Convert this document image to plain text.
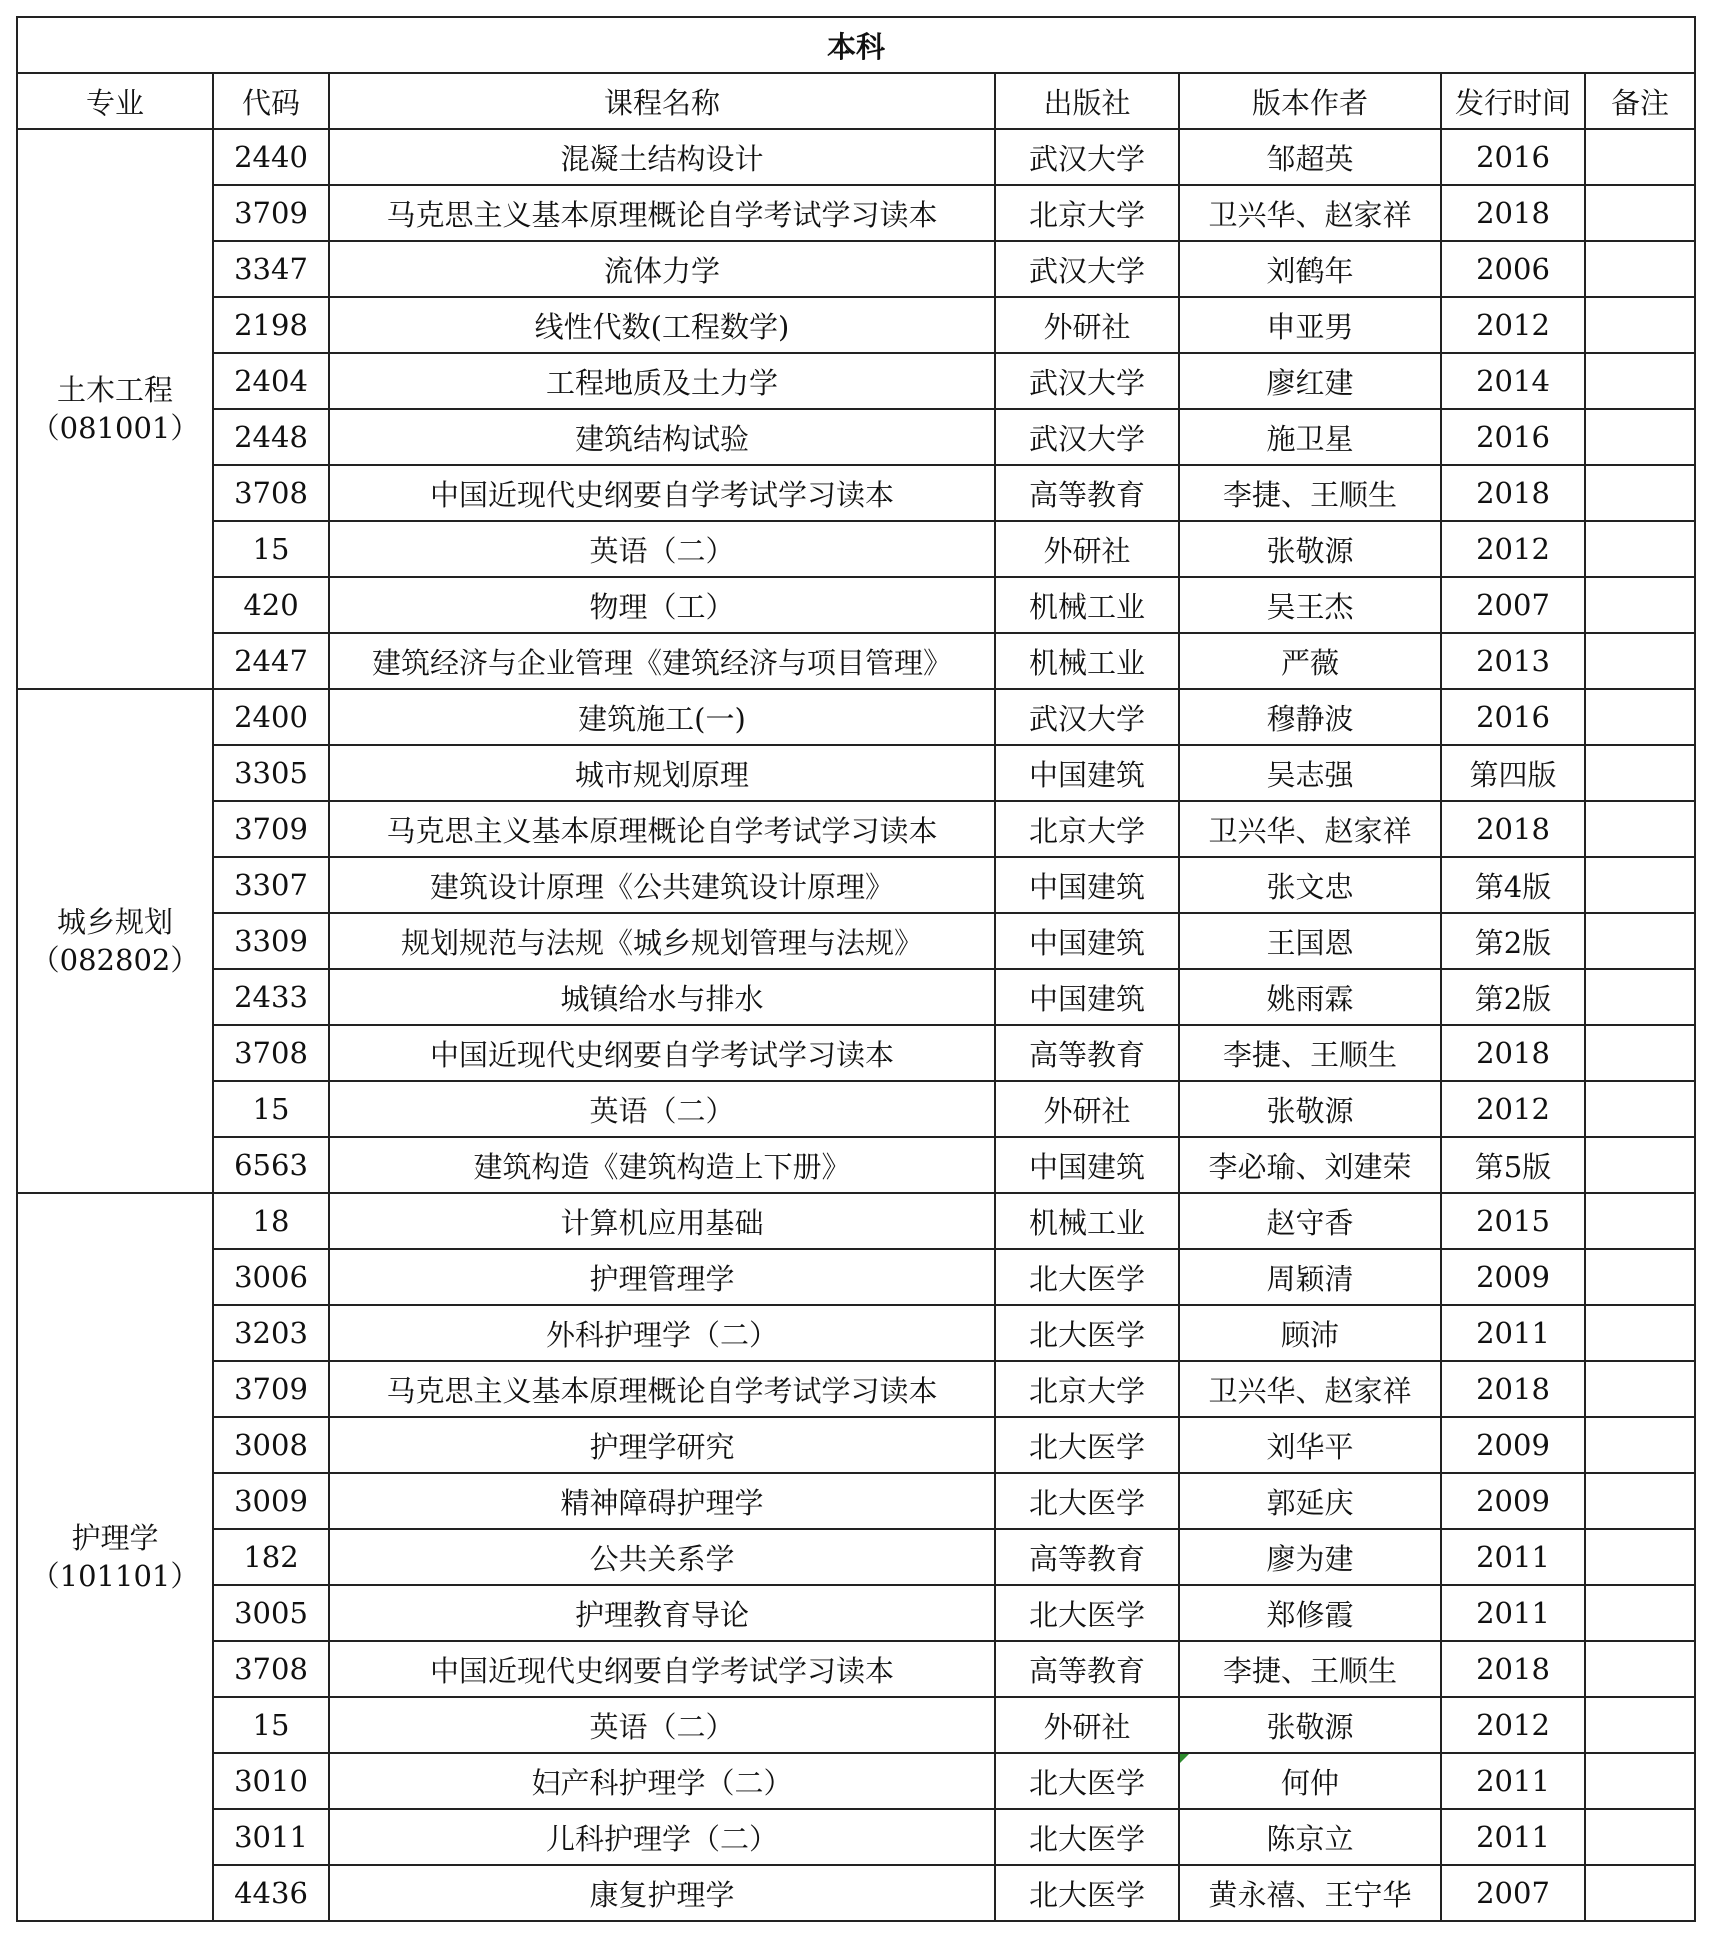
本科						
专业	代码	课程名称	出版社	版本作者	发行时间	备注

土木工程
（081001）	2440	混凝土结构设计	武汉大学	邹超英	2016	
	3709	马克思主义基本原理概论自学考试学习读本	北京大学	卫兴华、赵家祥	2018	
	3347	流体力学	武汉大学	刘鹤年	2006	
	2198	线性代数(工程数学)	外研社	申亚男	2012	
	2404	工程地质及土力学	武汉大学	廖红建	2014	
	2448	建筑结构试验	武汉大学	施卫星	2016	
	3708	中国近现代史纲要自学考试学习读本	高等教育	李捷、王顺生	2018	
	15	英语（二）	外研社	张敬源	2012	
	420	物理（工）	机械工业	吴王杰	2007	
	2447	建筑经济与企业管理《建筑经济与项目管理》	机械工业	严薇	2013	

城乡规划
（082802）	2400	建筑施工(一)	武汉大学	穆静波	2016	
	3305	城市规划原理	中国建筑	吴志强	第四版	
	3709	马克思主义基本原理概论自学考试学习读本	北京大学	卫兴华、赵家祥	2018	
	3307	建筑设计原理《公共建筑设计原理》	中国建筑	张文忠	第4版	
	3309	规划规范与法规《城乡规划管理与法规》	中国建筑	王国恩	第2版	
	2433	城镇给水与排水	中国建筑	姚雨霖	第2版	
	3708	中国近现代史纲要自学考试学习读本	高等教育	李捷、王顺生	2018	
	15	英语（二）	外研社	张敬源	2012	
	6563	建筑构造《建筑构造上下册》	中国建筑	李必瑜、刘建荣	第5版	

护理学
（101101）	18	计算机应用基础	机械工业	赵守香	2015	
	3006	护理管理学	北大医学	周颖清	2009	
	3203	外科护理学（二）	北大医学	顾沛	2011	
	3709	马克思主义基本原理概论自学考试学习读本	北京大学	卫兴华、赵家祥	2018	
	3008	护理学研究	北大医学	刘华平	2009	
	3009	精神障碍护理学	北大医学	郭延庆	2009	
	182	公共关系学	高等教育	廖为建	2011	
	3005	护理教育导论	北大医学	郑修霞	2011	
	3708	中国近现代史纲要自学考试学习读本	高等教育	李捷、王顺生	2018	
	15	英语（二）	外研社	张敬源	2012	
	3010	妇产科护理学（二）	北大医学	何仲	2011	
	3011	儿科护理学（二）	北大医学	陈京立	2011	
	4436	康复护理学	北大医学	黄永禧、王宁华	2007	
